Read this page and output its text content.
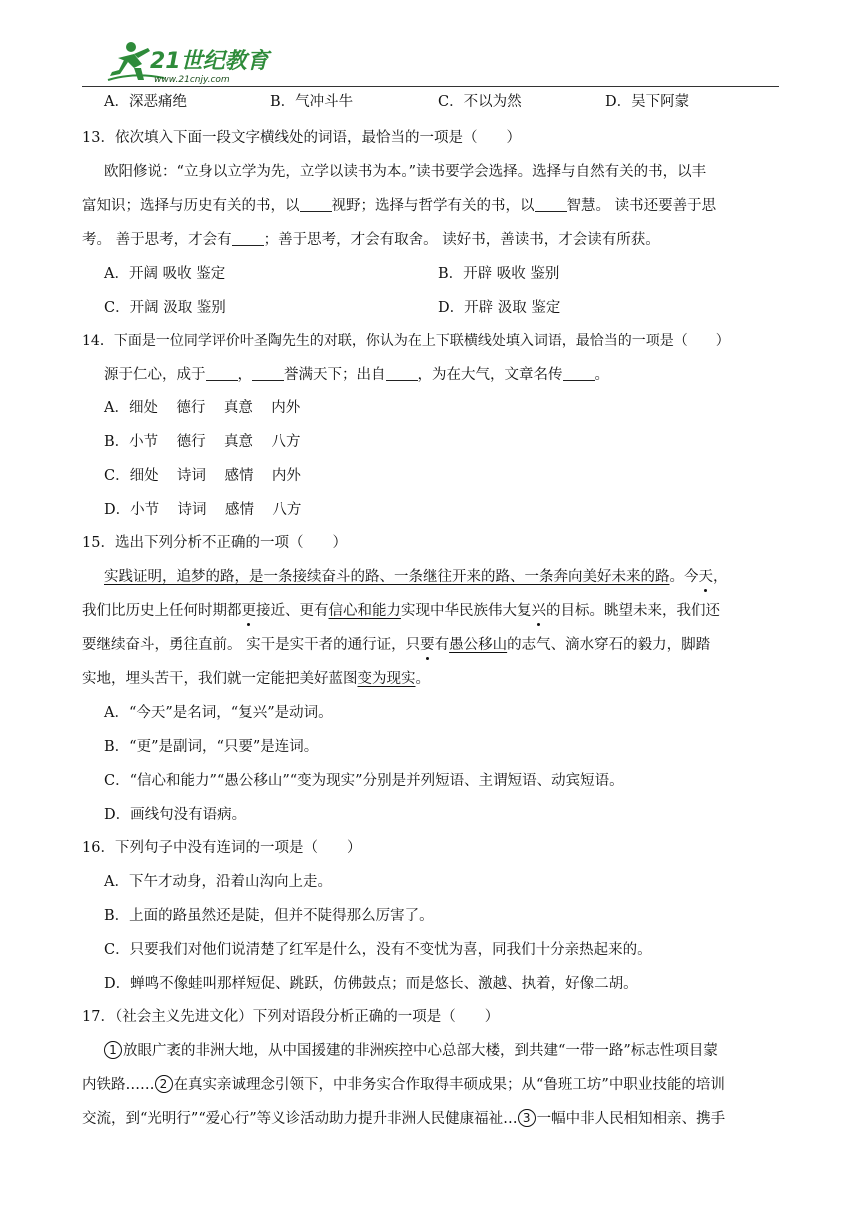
21世纪教育
www.21cnjy.com
A．深恶痛绝	B．气冲斗牛	C．不以为然	D．吴下阿蒙
13．依次填入下面一段文字横线处的词语，最恰当的一项是（　　）
欧阳修说：“立身以立学为先，立学以读书为本。”读书要学会选择。选择与自然有关的书，以丰
富知识；选择与历史有关的书，以 视野；选择与哲学有关的书，以 智慧。 读书还要善于思
考。 善于思考，才会有 ；善于思考，才会有取舍。 读好书，善读书，才会读有所获。
A．开阔 吸收 鉴定	B．开辟 吸收 鉴别
C．开阔 汲取 鉴别	D．开辟 汲取 鉴定
14．下面是一位同学评价叶圣陶先生的对联，你认为在上下联横线处填入词语，最恰当的一项是（　　）
源于仁心，成于 ， 誉满天下；出自 ，为在大气，文章名传 。
A．细处    德行    真意    内外
B．小节    德行    真意    八方
C．细处    诗词    感情    内外
D．小节    诗词    感情    八方
15．选出下列分析不正确的一项（　　）
实践证明，追梦的路，是一条接续奋斗的路、一条继往开来的路、一条奔向美好未来的路。今天，
我们比历史上任何时期都更接近、更有信心和能力实现中华民族伟大复兴的目标。眺望未来，我们还
要继续奋斗，勇往直前。 实干是实干者的通行证，只要有愚公移山的志气、滴水穿石的毅力，脚踏
实地，埋头苦干，我们就一定能把美好蓝图变为现实。
A．“今天”是名词，“复兴”是动词。
B．“更”是副词，“只要”是连词。
C．“信心和能力”“愚公移山”“变为现实”分别是并列短语、主谓短语、动宾短语。
D．画线句没有语病。
16．下列句子中没有连词的一项是（　　）
A．下午才动身，沿着山沟向上走。
B．上面的路虽然还是陡，但并不陡得那么厉害了。
C．只要我们对他们说清楚了红军是什么，没有不变忧为喜，同我们十分亲热起来的。
D．蝉鸣不像蛙叫那样短促、跳跃，仿佛鼓点；而是悠长、激越、执着，好像二胡。
17．（社会主义先进文化）下列对语段分析正确的一项是（　　）
1 放眼广袤的非洲大地，从中国援建的非洲疾控中心总部大楼，到共建“一带一路”标志性项目蒙
内铁路…… 2 在真实亲诚理念引领下，中非务实合作取得丰硕成果；从“鲁班工坊”中职业技能的培训
交流，到“光明行”“爱心行”等义诊活动助力提升非洲人民健康福祉… 3 一幅中非人民相知相亲、携手
